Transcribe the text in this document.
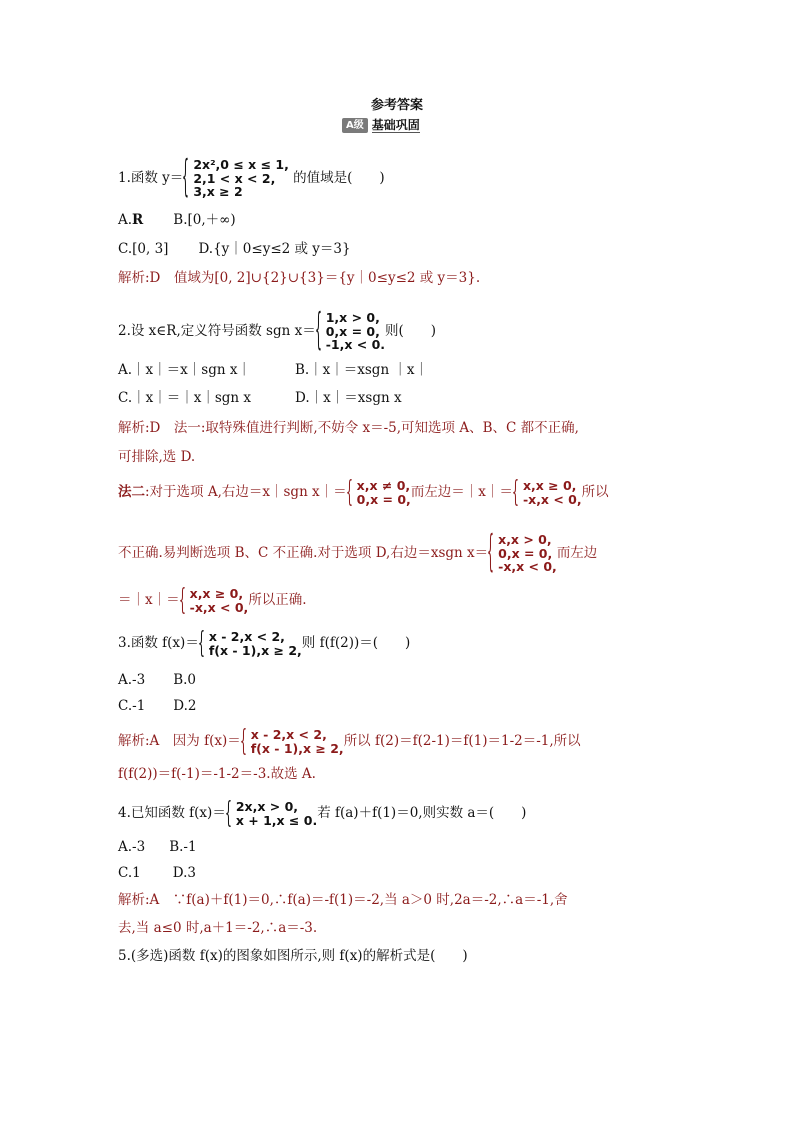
参考答案
A级 基础巩固
1.函数 y＝
{ 2x²,0 ≤ x ≤ 1,
2,1 < x < 2,
3,x ≥ 2
的值域是(　　)
A.R B.[0,＋∞)
C.[0, 3] D.{y｜0≤y≤2 或 y＝3}
解析:D　值域为[0, 2]∪{2}∪{3}＝{y｜0≤y≤2 或 y＝3}.
2.设 x∈R,定义符号函数 sgn x＝
{ 1,x > 0,
0,x = 0,
-1,x < 0.
则(　　)
A.｜x｜＝x｜sgn x｜	B.｜x｜＝xsgn ｜x｜
C.｜x｜＝｜x｜sgn x	D.｜x｜＝xsgn x
解析:D　法一:取特殊值进行判断,不妨令 x＝-5,可知选项 A、B、C 都不正确,
可排除,选 D.
法二:对于选项 A,右边＝x｜sgn x｜＝
{ x,x ≠ 0,
0,x = 0, 而左边＝｜x｜＝
{ x,x ≥ 0,
-x,x < 0, 所以
不正确.易判断选项 B、C 不正确.对于选项 D,右边＝xsgn x＝
{ x,x > 0,
0,x = 0,
-x,x < 0,
而左边
＝｜x｜＝
{ x,x ≥ 0,
-x,x < 0, 所以正确.
3.函数 f(x)＝
{ x - 2,x < 2,
f(x - 1),x ≥ 2, 则 f(f(2))＝(　　)
A.-3 B.0
C.-1 D.2
解析:A　因为 f(x)＝
{ x - 2,x < 2,
f(x - 1),x ≥ 2, 所以 f(2)＝f(2-1)＝f(1)＝1-2＝-1,所以
f(f(2))＝f(-1)＝-1-2＝-3.故选 A.
4.已知函数 f(x)＝
{ 2x,x > 0,
x + 1,x ≤ 0. 若 f(a)＋f(1)＝0,则实数 a＝(　　)
A.-3 B.-1
C.1 D.3
解析:A　∵f(a)＋f(1)＝0,∴f(a)＝-f(1)＝-2,当 a＞0 时,2a＝-2,∴a＝-1,舍
去,当 a≤0 时,a＋1＝-2,∴a＝-3.
5.(多选)函数 f(x)的图象如图所示,则 f(x)的解析式是(　　)
